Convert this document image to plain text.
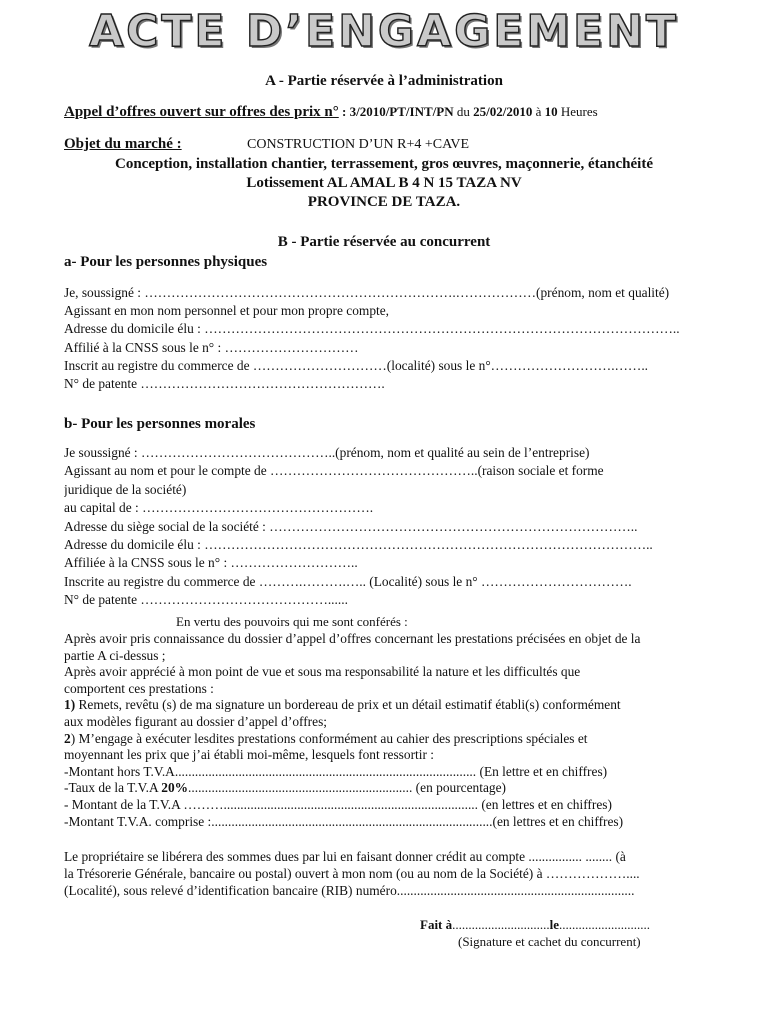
ACTE D’ENGAGEMENT
A - Partie réservée à l’administration
Appel d’offres ouvert sur offres des prix n° : 3/2010/PT/INT/PN du 25/02/2010 à 10 Heures
Objet du marché :	CONSTRUCTION D’UN R+4 +CAVE
Conception, installation chantier, terrassement, gros œuvres, maçonnerie, étanchéité
Lotissement AL AMAL B 4 N 15 TAZA NV
PROVINCE DE TAZA.
B - Partie réservée au concurrent
a- Pour les personnes physiques
Je, soussigné : …………………………………………………………….………………(prénom, nom et qualité)
Agissant en mon nom personnel et pour mon propre compte,
Adresse du domicile élu : ……………………………………………………………………………………………..
Affilié à la CNSS sous le n° : …………………………
Inscrit au registre du commerce de …………………………(localité) sous le n°……………………….……..
N° de patente ……………………………………………….
b- Pour les personnes morales
Je soussigné : ……………………………………..(prénom, nom et qualité au sein de l’entreprise)
Agissant au nom et pour le compte de ………………………………………..(raison sociale et forme
juridique de la société)
au capital de : …………………………………………….
Adresse du siège social de la société : ………………………………………………………………………..
Adresse du domicile élu : ………………………………………………………………………………………..
Affiliée à la CNSS sous le n° : ………………………..
Inscrite au registre du commerce de ……….……….….. (Localité) sous le n° …………………………….
N° de patente ……………………………………......
En vertu des pouvoirs qui me sont conférés :
Après avoir pris connaissance du dossier d’appel d’offres concernant les prestations précisées en objet de la
partie A ci-dessus ;
Après avoir apprécié à mon point de vue et sous ma responsabilité la nature et les difficultés que
comportent ces prestations :
1) Remets, revêtu (s) de ma signature un bordereau de prix et un détail estimatif établi(s) conformément
aux modèles figurant au dossier d’appel d’offres;
2) M’engage à exécuter lesdites prestations conformément au cahier des prescriptions spéciales et
moyennant les prix que j’ai établi moi-même, lesquels font ressortir :
-Montant hors T.V.A.......................................................................................... (En lettre et en chiffres)
-Taux de la T.V.A 20%................................................................... (en pourcentage)
- Montant de la T.V.A ………............................................................................ (en lettres et en chiffres)
-Montant T.V.A. comprise :....................................................................................(en lettres et en chiffres)
Le propriétaire se libérera des sommes dues par lui en faisant donner crédit au compte ................ ........ (à
la Trésorerie Générale, bancaire ou postal) ouvert à mon nom (ou au nom de la Société) à ………………....
(Localité), sous relevé d’identification bancaire (RIB) numéro.......................................................................
Fait à..............................le............................
(Signature et cachet du concurrent)
